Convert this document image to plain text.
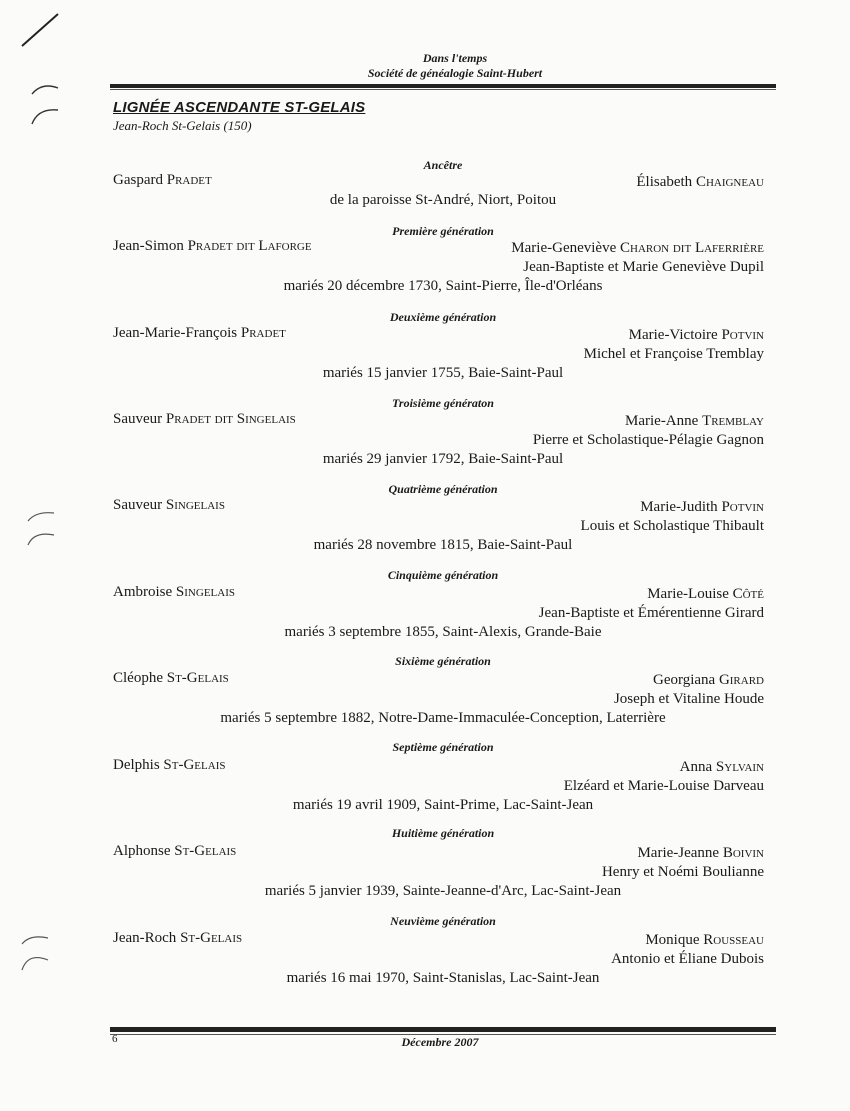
Dans l'temps
Société de généalogie Saint-Hubert
LIGNÉE ASCENDANTE ST-GELAIS
Jean-Roch St-Gelais (150)
Ancêtre
Gaspard Pradet	Élisabeth Chaigneau
de la paroisse St-André, Niort, Poitou
Première génération
Jean-Simon Pradet dit Laforge	Marie-Geneviève Charon dit Laferrière
Jean-Baptiste et Marie Geneviève Dupil
mariés 20 décembre 1730, Saint-Pierre, Île-d'Orléans
Deuxième génération
Jean-Marie-François Pradet	Marie-Victoire Potvin
Michel et Françoise Tremblay
mariés 15 janvier 1755, Baie-Saint-Paul
Troisième génératon
Sauveur Pradet dit Singelais	Marie-Anne Tremblay
Pierre et Scholastique-Pélagie Gagnon
mariés 29 janvier 1792, Baie-Saint-Paul
Quatrième génération
Sauveur Singelais	Marie-Judith Potvin
Louis et Scholastique Thibault
mariés 28 novembre 1815, Baie-Saint-Paul
Cinquième génération
Ambroise Singelais	Marie-Louise Côté
Jean-Baptiste et Émérentienne Girard
mariés 3 septembre 1855, Saint-Alexis, Grande-Baie
Sixième génération
Cléophe St-Gelais	Georgiana Girard
Joseph et Vitaline Houde
mariés 5 septembre 1882, Notre-Dame-Immaculée-Conception, Laterrière
Septième génération
Delphis St-Gelais	Anna Sylvain
Elzéard et Marie-Louise Darveau
mariés 19 avril 1909, Saint-Prime, Lac-Saint-Jean
Huitième génération
Alphonse St-Gelais	Marie-Jeanne Boivin
Henry et Noémi Boulianne
mariés 5 janvier 1939, Sainte-Jeanne-d'Arc, Lac-Saint-Jean
Neuvième génération
Jean-Roch St-Gelais	Monique Rousseau
Antonio et Éliane Dubois
mariés 16 mai 1970, Saint-Stanislas, Lac-Saint-Jean
6	Décembre 2007
